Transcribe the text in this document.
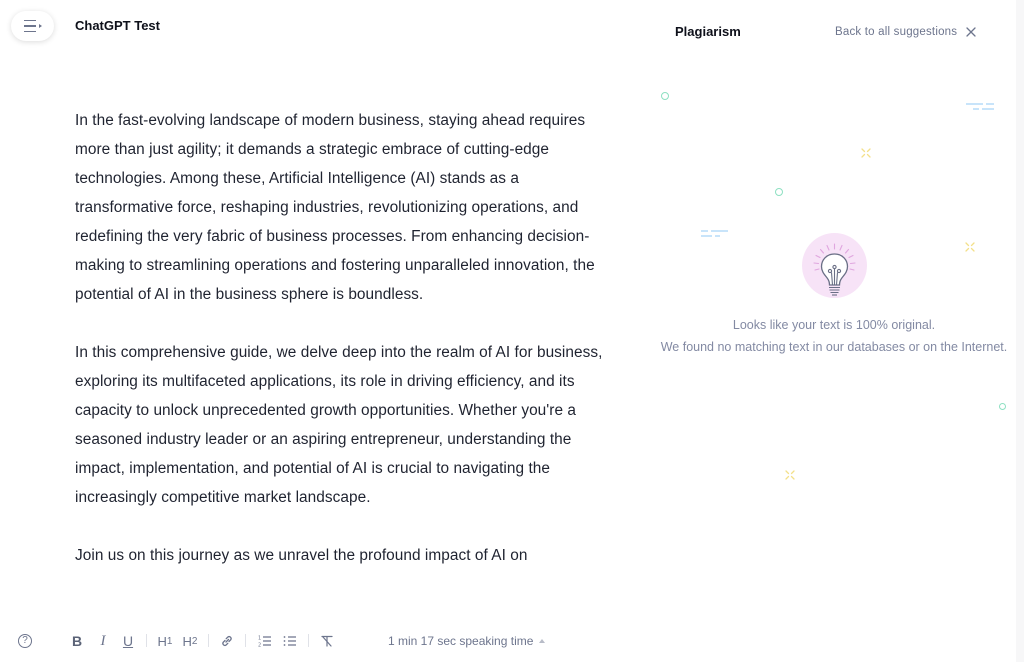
ChatGPT Test

In the fast-evolving landscape of modern business, staying ahead requires more than just agility; it demands a strategic embrace of cutting-edge technologies. Among these, Artificial Intelligence (AI) stands as a transformative force, reshaping industries, revolutionizing operations, and redefining the very fabric of business processes. From enhancing decision-making to streamlining operations and fostering unparalleled innovation, the potential of AI in the business sphere is boundless.

In this comprehensive guide, we delve deep into the realm of AI for business, exploring its multifaceted applications, its role in driving efficiency, and its capacity to unlock unprecedented growth opportunities. Whether you're a seasoned industry leader or an aspiring entrepreneur, understanding the impact, implementation, and potential of AI is crucial to navigating the increasingly competitive market landscape.

Join us on this journey as we unravel the profound impact of AI on

?	B	I	U H 1 H 2	1
2	1 min 17 sec speaking time
Plagiarism	Back to all suggestions
Looks like your text is 100% original.
We found no matching text in our databases or on the Internet.
